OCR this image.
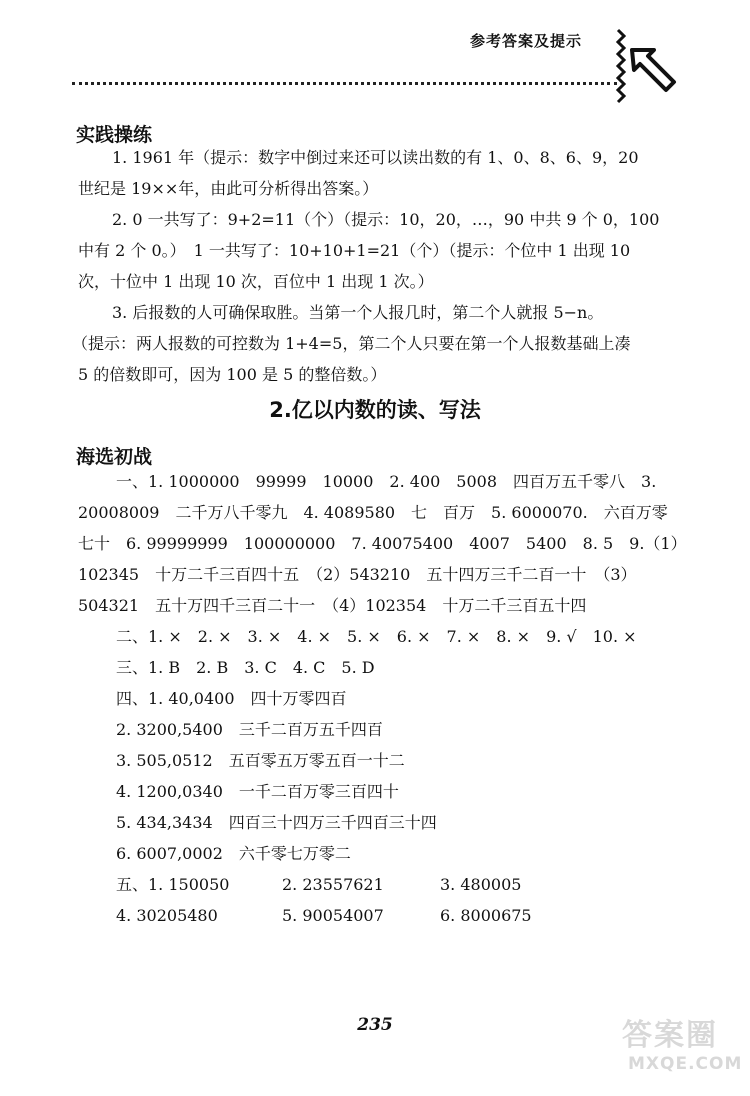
参考答案及提示
实践操练
1. 1961 年（提示：数字中倒过来还可以读出数的有 1、0、8、6、9，20
世纪是 19××年，由此可分析得出答案。）
2. 0 一共写了：9+2=11（个）（提示：10，20，…，90 中共 9 个 0，100
中有 2 个 0。）　1 一共写了：10+10+1=21（个）（提示：个位中 1 出现 10
次，十位中 1 出现 10 次，百位中 1 出现 1 次。）
3. 后报数的人可确保取胜。当第一个人报几时，第二个人就报 5−n。
（提示：两人报数的可控数为 1+4=5，第二个人只要在第一个人报数基础上凑
5 的倍数即可，因为 100 是 5 的整倍数。）
2.亿以内数的读、写法
海选初战
一、1. 1000000　99999　10000　2. 400　5008　四百万五千零八　3.
20008009　二千万八千零九　4. 4089580　七　百万　5. 6000070.　六百万零
七十　6. 99999999　100000000　7. 40075400　4007　5400　8. 5　9.（1）
102345　十万二千三百四十五　（2）543210　五十四万三千二百一十　（3）
504321　五十万四千三百二十一　（4）102354　十万二千三百五十四
二、1. ×　2. ×　3. ×　4. ×　5. ×　6. ×　7. ×　8. ×　9. √　10. ×
三、1. B　2. B　3. C　4. C　5. D
四、1. 40,0400　四十万零四百
2. 3200,5400　三千二百万五千四百
3. 505,0512　五百零五万零五百一十二
4. 1200,0340　一千二百万零三百四十
5. 434,3434　四百三十四万三千四百三十四
6. 6007,0002　六千零七万零二
五、1. 150050	2. 23557621	3. 480005
4. 30205480	5. 90054007	6. 8000675
235	答案圈
MXQE.COM
